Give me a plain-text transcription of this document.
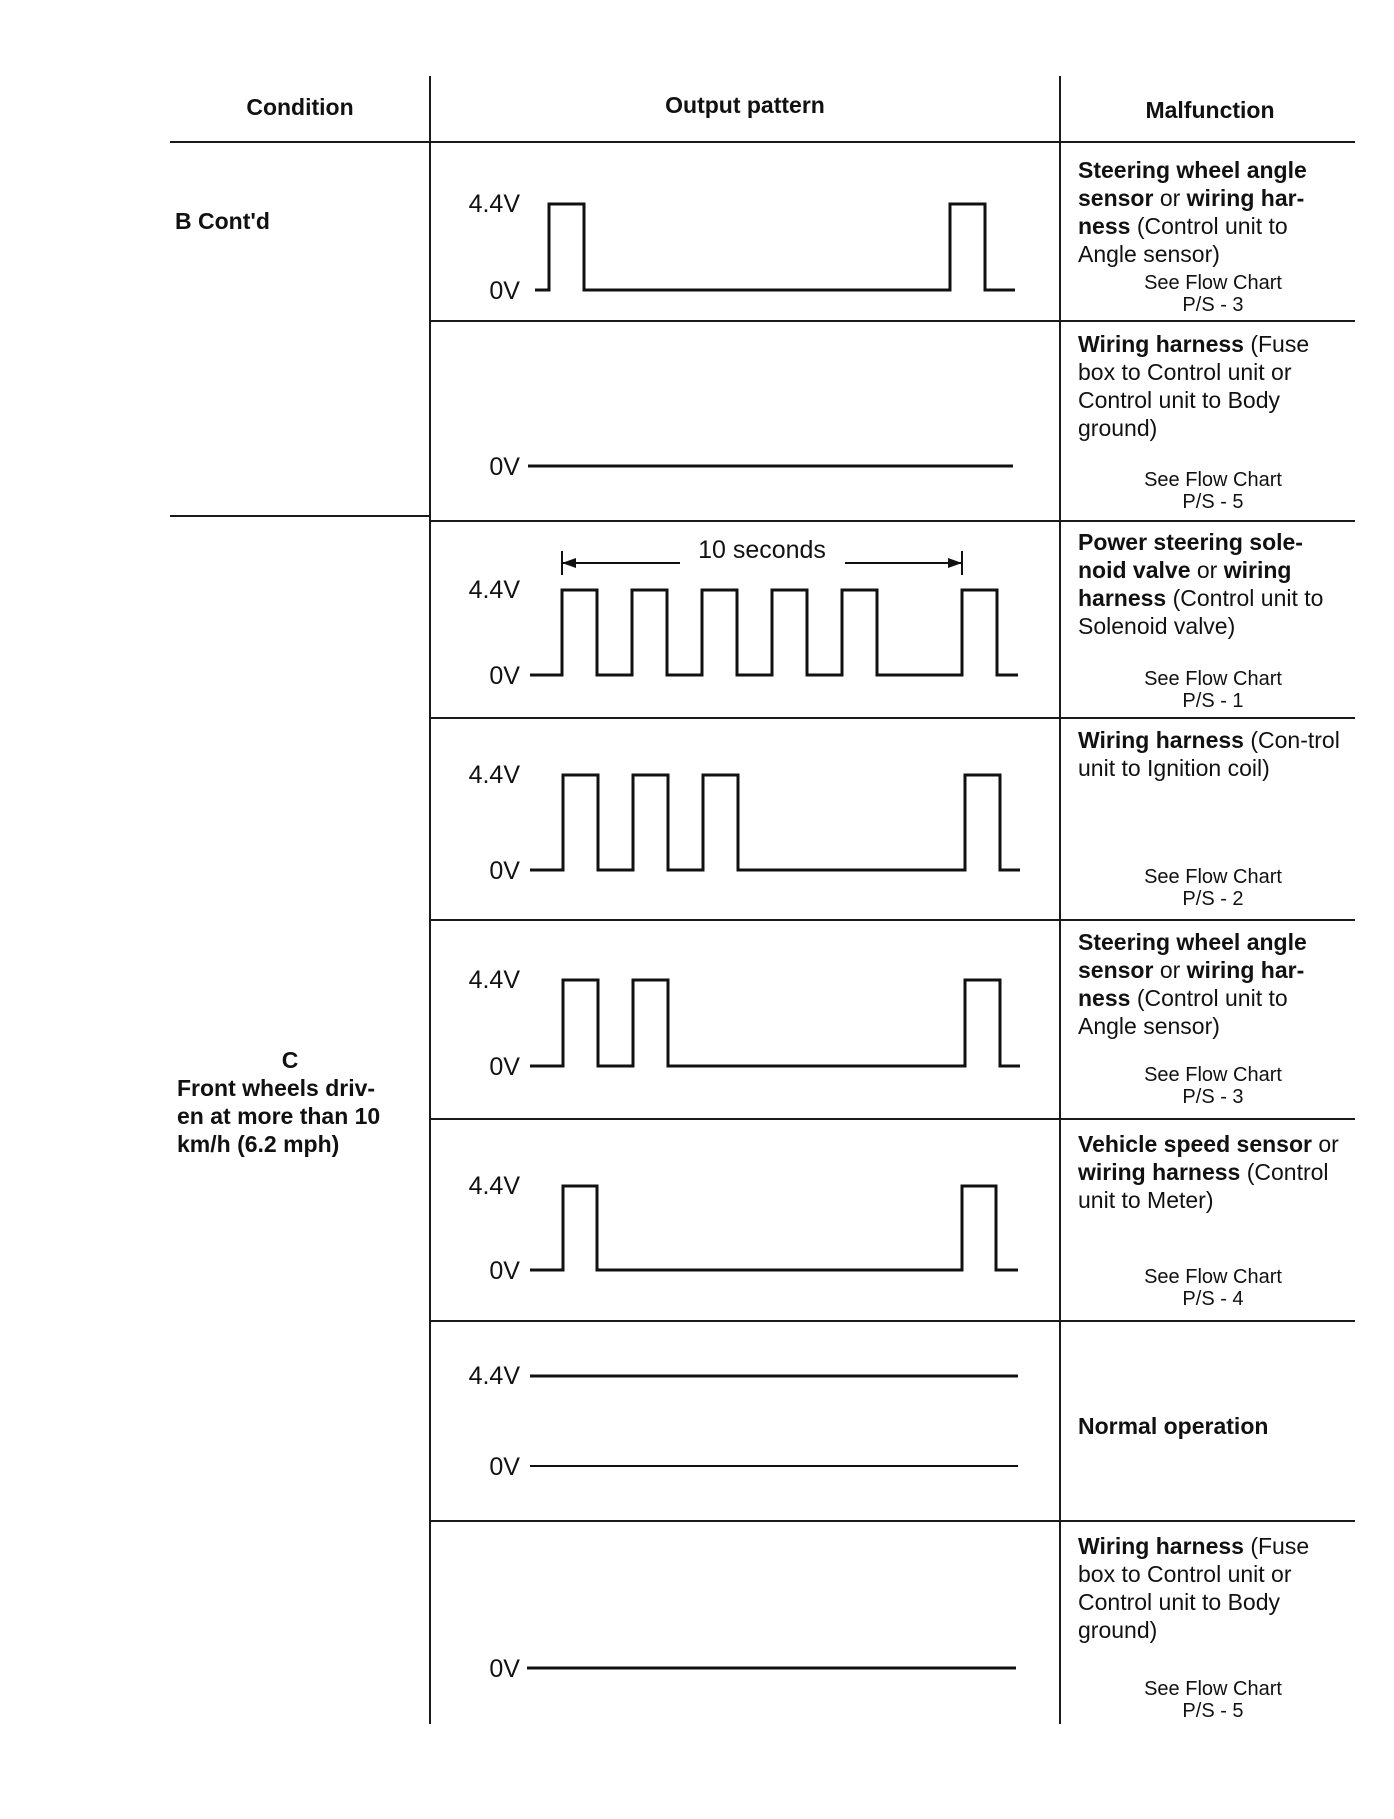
Condition	Output pattern	Malfunction
B Cont'd
C
Front wheels driv-
en at more than 10
km/h (6.2 mph)
Steering wheel angle sensor or wiring har-ness (Control unit to Angle sensor)
See Flow Chart
P/S - 3
Wiring harness (Fuse box to Control unit or Control unit to Body ground)
See Flow Chart
P/S - 5
Power steering sole-noid valve or wiring harness (Control unit to Solenoid valve)
See Flow Chart
P/S - 1
Wiring harness (Con-trol unit to Ignition coil)
See Flow Chart
P/S - 2
Steering wheel angle sensor or wiring har-ness (Control unit to Angle sensor)
See Flow Chart
P/S - 3
Vehicle speed sensor or wiring harness (Control unit to Meter)
See Flow Chart
P/S - 4
Normal operation
Wiring harness (Fuse box to Control unit or Control unit to Body ground)
See Flow Chart
P/S - 5
4.4V
0V
0V
4.4V
0V
4.4V
0V
4.4V
0V
4.4V
0V
4.4V
0V
0V
10 seconds
